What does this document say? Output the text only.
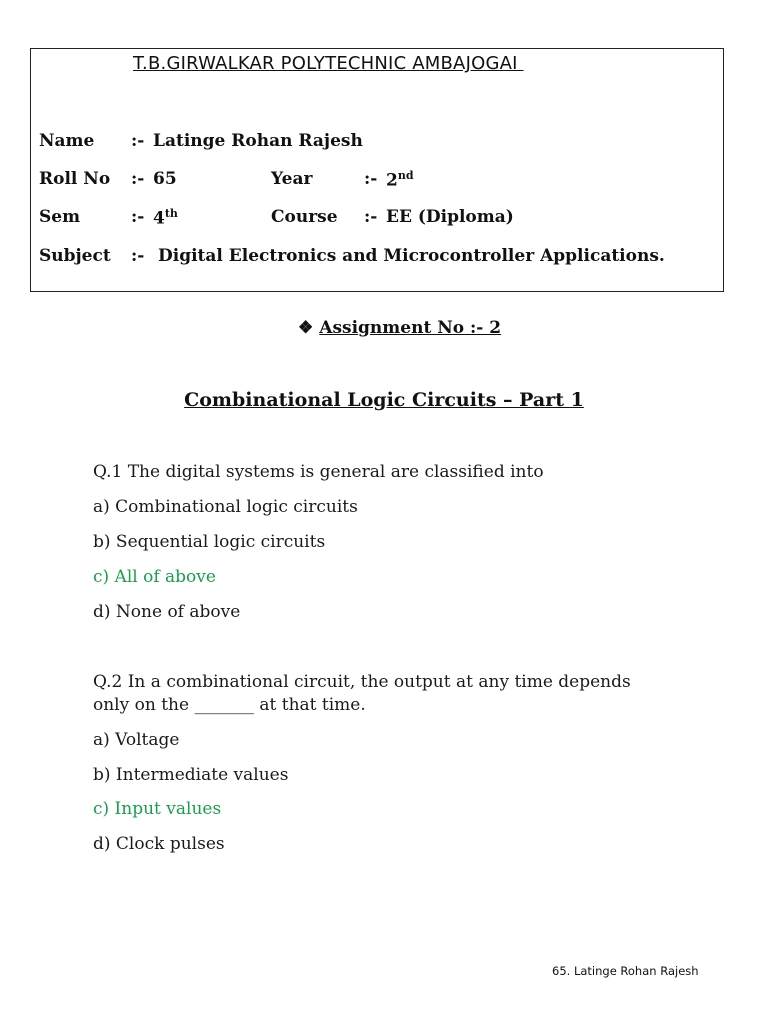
T.B.GIRWALKAR POLYTECHNIC AMBAJOGAI
Name :- Latinge Rohan Rajesh
Roll No :- 65	Year	:- 2nd
Sem	:- 4th	Course :- EE (Diploma)
Subject :- Digital Electronics and Microcontroller Applications.
❖ Assignment No :- 2
Combinational Logic Circuits – Part 1
Q.1 The digital systems is general are classified into
a) Combinational logic circuits
b) Sequential logic circuits
c) All of above
d) None of above
Q.2 In a combinational circuit, the output at any time depends
only on the _______ at that time.
a) Voltage
b) Intermediate values
c) Input values
d) Clock pulses
65. Latinge Rohan Rajesh
